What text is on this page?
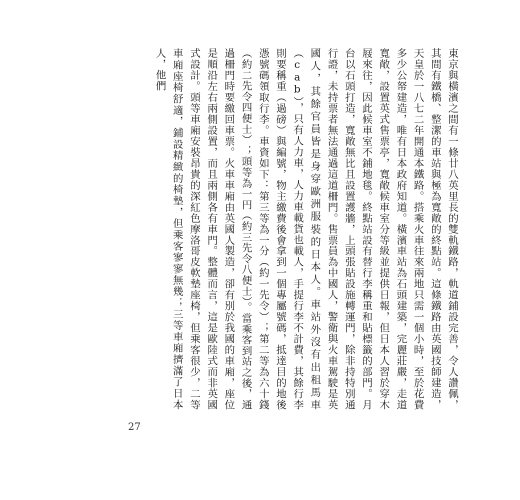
東京與橫濱之間有一條廿八英里長的雙軌鐵路，軌道鋪設完善，令人讚佩，其間有鐵橋、整潔的車站與極為寬敞的終點站。這條鐵路由英國技師建造，天皇於一八七二年開通本鐵路。搭乘火車往來兩地只需一個小時，至於花費多少公帑建造，唯有日本政府知道。橫濱車站為石頭建築，完麗莊嚴，走道寬敞，設置英式售票亭，寬敞候車室分等級並提供日報，但日本人習於穿木屐來往，因此候車室不鋪地毯。終點站設有替行李稱重和貼標籤的部門。月台以石頭打造，寬敞無比且設置護牆，上頭張貼設施轉運門，除非持特別通行證，未持票者無法通過這道柵門。售票員為中國人，警衛與火車駕駛是英國人，其餘官員皆是身穿歐洲服裝的日本人。車站外沒有出租馬車（cab），只有人力車，人力車載貨也載人，手提行李不計費，其餘行李則要稱重（過磅）與編號，物主繳費後會拿到一個專屬號碼，抵達目的地後憑號碼領取行李。車資如下：第三等為一分（約一先令）；第二等為六十錢（約二先令四便士）；頭等為一円（約三先令八便士）。當乘客到站之後，通過柵門時要繳回車票。火車車廂由英國人製造，卻有別於我國的車廂，座位是順沿左右兩側設置，而且兩側各有車門。整體而言，這是歐陸式而非英國式設計。頭等車廂安裝昂貴的深紅色摩洛哥皮軟墊座椅，但乘客很少，二等車廂座椅舒適，鋪設精緻的椅墊，但乘客寥寥無幾；三等車廂擠滿了日本人，他們

27
